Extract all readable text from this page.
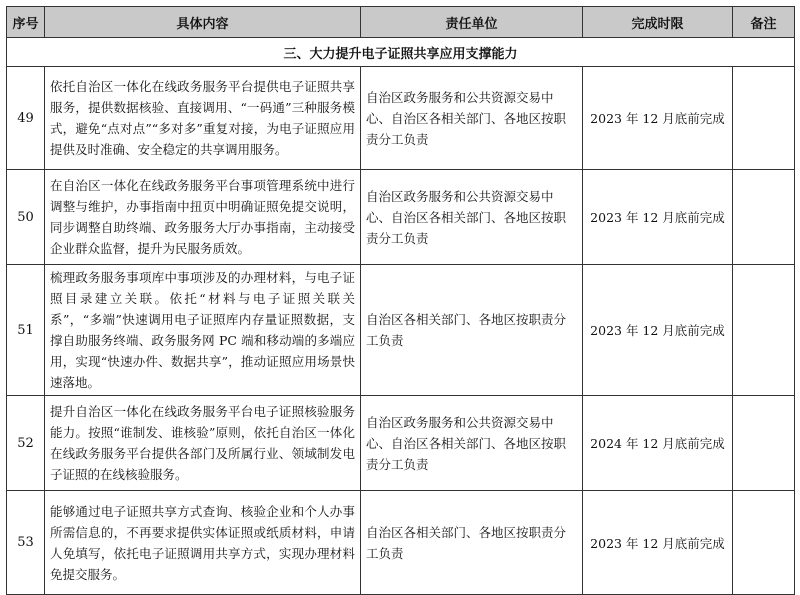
序号	具体内容	责任单位	完成时限	备注
三、大力提升电子证照共享应用支撑能力				
49	依托自治区一体化在线政务服务平台提供电子证照共享服务，提供数据核验、直接调用、“一码通”三种服务模式，避免“点对点”“多对多”重复对接，为电子证照应用提供及时准确、安全稳定的共享调用服务。	自治区政务服务和公共资源交易中心、自治区各相关部门、各地区按职责分工负责	2023 年 12 月底前完成	
50	在自治区一体化在线政务服务平台事项管理系统中进行调整与维护，办事指南中扭页中明确证照免提交说明，同步调整自助终端、政务服务大厅办事指南，主动接受企业群众监督，提升为民服务质效。	自治区政务服务和公共资源交易中心、自治区各相关部门、各地区按职责分工负责	2023 年 12 月底前完成	
51	梳理政务服务事项库中事项涉及的办理材料，与电子证照目录建立关联。依托“材料与电子证照关联关系”，“多端”快速调用电子证照库内存量证照数据，支撑自助服务终端、政务服务网 PC 端和移动端的多端应用，实现“快速办件、数据共享”，推动证照应用场景快速落地。	自治区各相关部门、各地区按职责分工负责	2023 年 12 月底前完成	
52	提升自治区一体化在线政务服务平台电子证照核验服务能力。按照“谁制发、谁核验”原则，依托自治区一体化在线政务服务平台提供各部门及所属行业、领域制发电子证照的在线核验服务。	自治区政务服务和公共资源交易中心、自治区各相关部门、各地区按职责分工负责	2024 年 12 月底前完成	
53	能够通过电子证照共享方式查询、核验企业和个人办事所需信息的，不再要求提供实体证照或纸质材料，申请人免填写，依托电子证照调用共享方式，实现办理材料免提交服务。	自治区各相关部门、各地区按职责分工负责	2023 年 12 月底前完成	
